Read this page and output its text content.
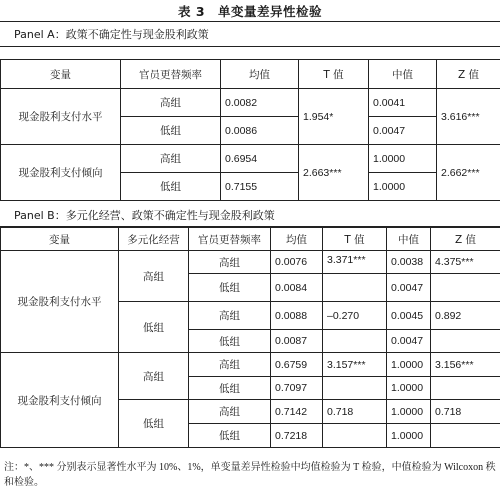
表 3　单变量差异性检验
Panel A：政策不确定性与现金股利政策
变量	官员更替频率	均值	T 值	中值	Z 值
现金股利支付水平	高组	0.0082	1.954*	0.0041	3.616***
	低组	0.0086		0.0047	
现金股利支付倾向	高组	0.6954	2.663***	1.0000	2.662***
	低组	0.7155		1.0000	
Panel B：多元化经营、政策不确定性与现金股利政策
变量	多元化经营	官员更替频率	均值	T 值	中值	Z 值
现金股利支付水平	高组	高组	0.0076	3.371***	0.0038	4.375***
		低组	0.0084		0.0047	
	低组	高组	0.0088	–0.270	0.0045	0.892
		低组	0.0087		0.0047	
现金股利支付倾向	高组	高组	0.6759	3.157***	1.0000	3.156***
		低组	0.7097		1.0000	
	低组	高组	0.7142	0.718	1.0000	0.718
		低组	0.7218		1.0000	
注：*、*** 分别表示显著性水平为 10%、1%，单变量差异性检验中均值检验为 T 检验，中值检验为 Wilcoxon 秩和检验。
